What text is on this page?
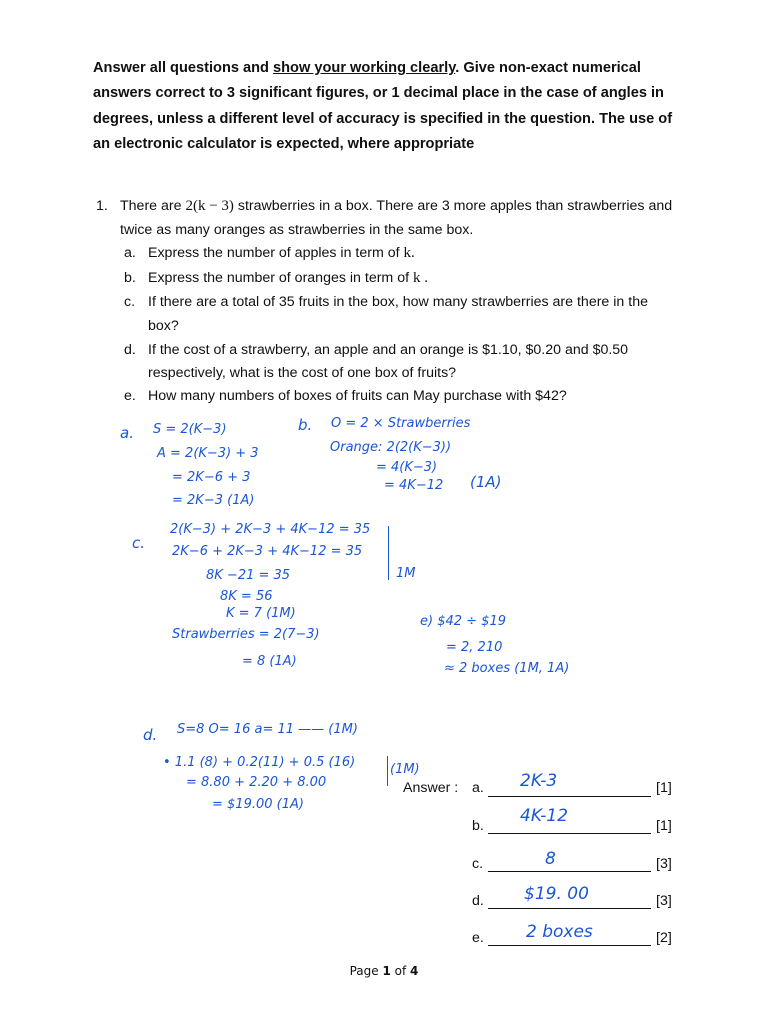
Answer all questions and show your working clearly. Give non-exact numerical answers correct to 3 significant figures, or 1 decimal place in the case of angles in degrees, unless a different level of accuracy is specified in the question. The use of an electronic calculator is expected, where appropriate
1. There are 2(k − 3) strawberries in a box. There are 3 more apples than strawberries and
twice as many oranges as strawberries in the same box.
a. Express the number of apples in term of k.
b. Express the number of oranges in term of k .
c. If there are a total of 35 fruits in the box, how many strawberries are there in the
box?
d. If the cost of a strawberry, an apple and an orange is $1.10, $0.20 and $0.50
respectively, what is the cost of one box of fruits?
e. How many numbers of boxes of fruits can May purchase with $42?
a. S = 2(K−3)
A = 2(K−3) + 3
= 2K−6 + 3
= 2K−3 (1A)
b. O = 2 × Strawberries
Orange: 2(2(K−3))
= 4(K−3)
= 4K−12 (1A)
c.
2(K−3) + 2K−3 + 4K−12 = 35
2K−6 + 2K−3 + 4K−12 = 35
8K −21 = 35
8K = 56
K = 7 (1M)
Strawberries = 2(7−3)
= 8 (1A)
1M
e) $42 ÷ $19
= 2, 210
≈ 2 boxes (1M, 1A)
d. S=8 O= 16 a= 11 —— (1M)
• 1.1 (8) + 0.2(11) + 0.5 (16)
= 8.80 + 2.20 + 8.00
= $19.00 (1A)
(1M)
Answer : a. 2K-3	[1]
b. 4K-12	[1]
c.	8	[3]
d. $19. 00	[3]
e. 2 boxes	[2]
Page 1 of 4
